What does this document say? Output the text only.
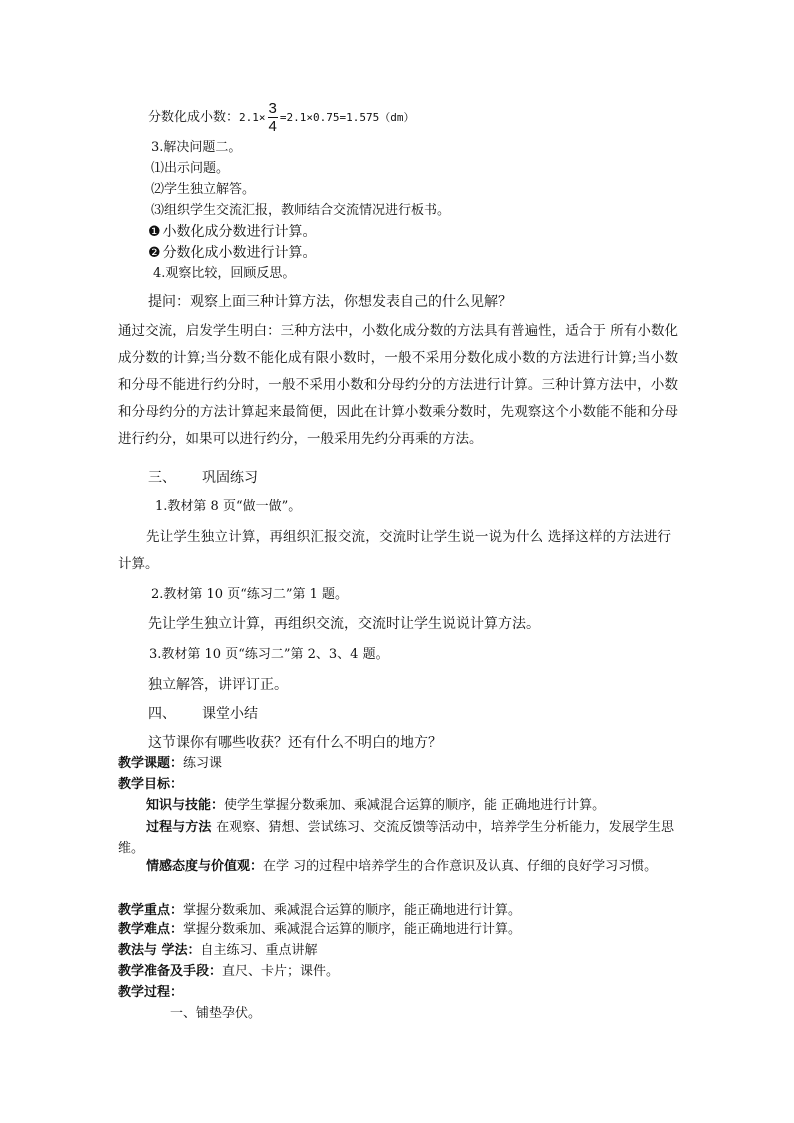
分数化成小数：$2.1\times \frac{3}{4} =2.1\times 0.75=1.575(dm)$
3.解决问题二。
⑴出示问题。
⑵学生独立解答。
⑶组织学生交流汇报，教师结合交流情况进行板书。
❶ 小数化成分数进行计算。
❷ 分数化成小数进行计算。
4.观察比较，回顾反思。
提问：观察上面三种计算方法，你想发表自己的什么见解？
通过交流，启发学生明白：三种方法中，小数化成分数的方法具有普遍性，适合于 所有小数化成分数的计算;当分数不能化成有限小数时，一般不采用分数化成小数的方法进行计算;当小数和分母不能进行约分时，一般不采用小数和分母约分的方法进行计算。三种计算方法中，小数和分母约分的方法计算起来最简便，因此在计算小数乘分数时，先观察这个小数能不能和分母进行约分，如果可以进行约分，一般采用先约分再乘的方法。
三、 巩固练习
1.教材第 8 页“做一做”。
先让学生独立计算，再组织汇报交流，交流时让学生说一说为什么 选择这样的方法进行计算。
2.教材第 10 页“练习二”第 1 题。
先让学生独立计算，再组织交流，交流时让学生说说计算方法。
3.教材第 10 页“练习二”第 2、3、4 题。
独立解答，讲评订正。
四、 课堂小结
这节课你有哪些收获？还有什么不明白的地方？
教学课题：练习课
教学目标：
知识与技能：使学生掌握分数乘加、乘减混合运算的顺序，能 正确地进行计算。
过程与方法 在观察、猜想、尝试练习、交流反馈等活动中，培养学生分析能力，发展学生思维。
情感态度与价值观：在学 习的过程中培养学生的合作意识及认真、仔细的良好学习习惯。
教学重点：掌握分数乘加、乘减混合运算的顺序，能正确地进行计算。
教学难点：掌握分数乘加、乘减混合运算的顺序，能正确地进行计算。
教法与 学法：自主练习、重点讲解
教学准备及手段：直尺、卡片；课件。
教学过程：
一、铺垫孕伏。
